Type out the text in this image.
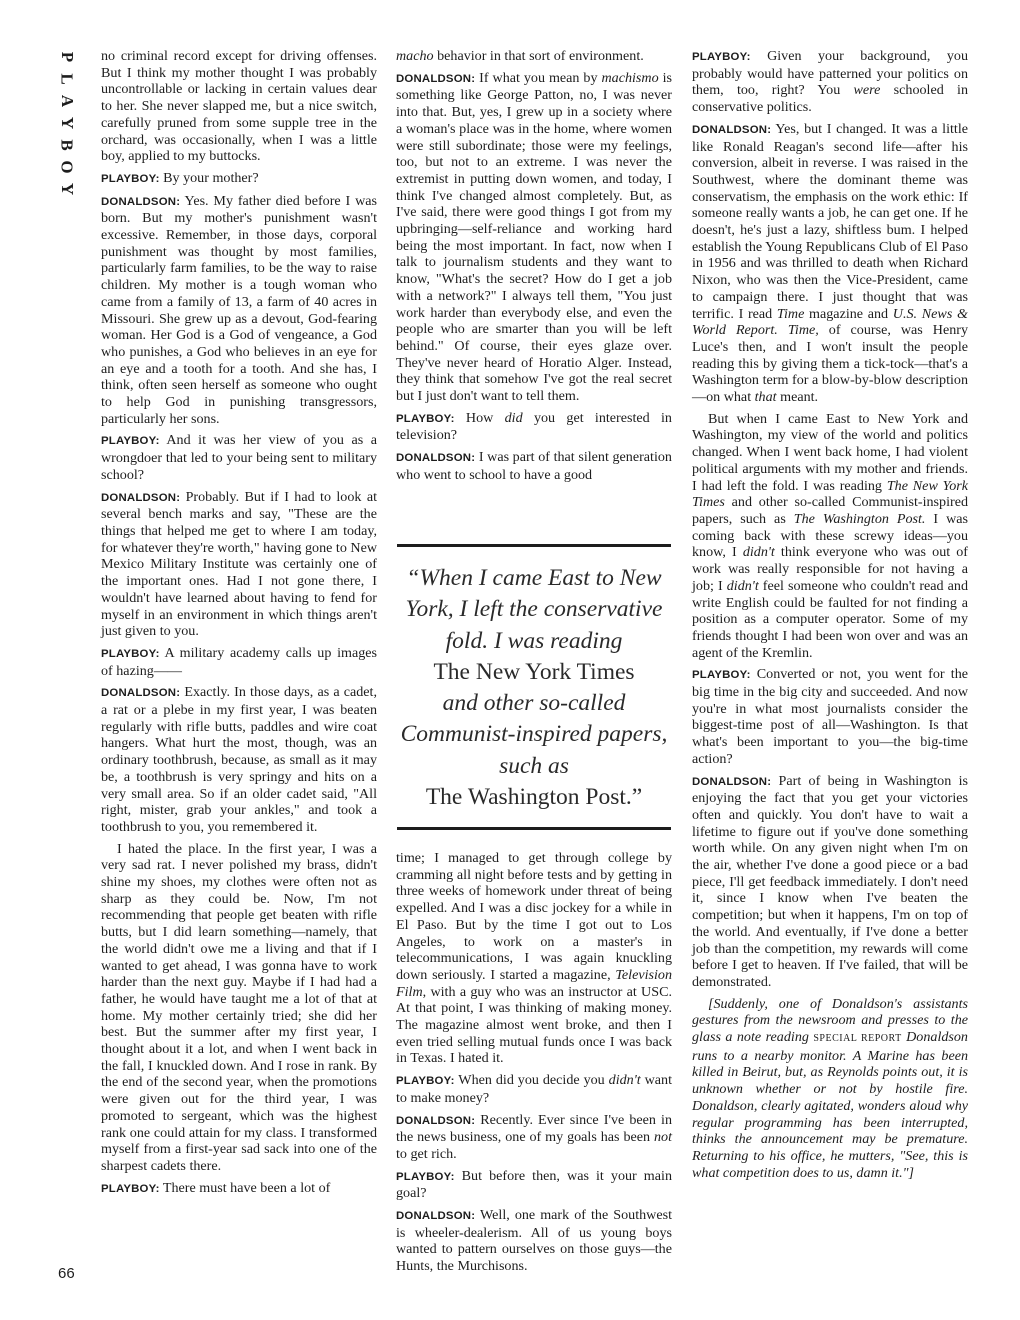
P
L
A
Y
B
O
Y
66

no criminal record except for driving offenses. But I think my mother thought I was probably uncontrollable or lacking in certain values dear to her. She never slapped me, but a nice switch, carefully pruned from some supple tree in the orchard, was occasionally, when I was a little boy, applied to my buttocks.

PLAYBOY: By your mother?

DONALDSON: Yes. My father died before I was born. But my mother's punishment wasn't excessive. Remember, in those days, corporal punishment was thought by most families, particularly farm families, to be the way to raise children. My mother is a tough woman who came from a family of 13, a farm of 40 acres in Missouri. She grew up as a devout, God-fearing woman. Her God is a God of vengeance, a God who punishes, a God who believes in an eye for an eye and a tooth for a tooth. And she has, I think, often seen herself as someone who ought to help God in punishing transgressors, particularly her sons.

PLAYBOY: And it was her view of you as a wrongdoer that led to your being sent to military school?

DONALDSON: Probably. But if I had to look at several bench marks and say, "These are the things that helped me get to where I am today, for whatever they're worth," having gone to New Mexico Military Institute was certainly one of the important ones. Had I not gone there, I wouldn't have learned about having to fend for myself in an environment in which things aren't just given to you.

PLAYBOY: A military academy calls up images of hazing——

DONALDSON: Exactly. In those days, as a cadet, a rat or a plebe in my first year, I was beaten regularly with rifle butts, paddles and wire coat hangers. What hurt the most, though, was an ordinary toothbrush, because, as small as it may be, a toothbrush is very springy and hits on a very small area. So if an older cadet said, "All right, mister, grab your ankles," and took a toothbrush to you, you remembered it.

I hated the place. In the first year, I was a very sad rat. I never polished my brass, didn't shine my shoes, my clothes were often not as sharp as they could be. Now, I'm not recommending that people get beaten with rifle butts, but I did learn something—namely, that the world didn't owe me a living and that if I wanted to get ahead, I was gonna have to work harder than the next guy. Maybe if I had had a father, he would have taught me a lot of that at home. My mother certainly tried; she did her best. But the summer after my first year, I thought about it a lot, and when I went back in the fall, I knuckled down. And I rose in rank. By the end of the second year, when the promotions were given out for the third year, I was promoted to sergeant, which was the highest rank one could attain for my class. I transformed myself from a first-year sad sack into one of the sharpest cadets there.

PLAYBOY: There must have been a lot of

macho behavior in that sort of environment.

DONALDSON: If what you mean by machismo is something like George Patton, no, I was never into that. But, yes, I grew up in a society where a woman's place was in the home, where women were still subordinate; those were my feelings, too, but not to an extreme. I was never the extremist in putting down women, and today, I think I've changed almost completely. But, as I've said, there were good things I got from my upbringing—self-reliance and working hard being the most important. In fact, now when I talk to journalism students and they want to know, "What's the secret? How do I get a job with a network?" I always tell them, "You just work harder than everybody else, and even the people who are smarter than you will be left behind." Of course, their eyes glaze over. They've never heard of Horatio Alger. Instead, they think that somehow I've got the real secret but I just don't want to tell them.

PLAYBOY: How did you get interested in television?

DONALDSON: I was part of that silent generation who went to school to have a good

“When I came East to New York, I left the conservative fold. I was reading
The New York Times
and other so-called Communist-inspired papers, such as
The Washington Post.”

time; I managed to get through college by cramming all night before tests and by getting in three weeks of homework under threat of being expelled. And I was a disc jockey for a while in El Paso. But by the time I got out to Los Angeles, to work on a master's in telecommunications, I was again knuckling down seriously. I started a magazine, Television Film, with a guy who was an instructor at USC. At that point, I was thinking of making money. The magazine almost went broke, and then I even tried selling mutual funds once I was back in Texas. I hated it.

PLAYBOY: When did you decide you didn't want to make money?

DONALDSON: Recently. Ever since I've been in the news business, one of my goals has been not to get rich.

PLAYBOY: But before then, was it your main goal?

DONALDSON: Well, one mark of the Southwest is wheeler-dealerism. All of us young boys wanted to pattern ourselves on those guys—the Hunts, the Murchisons.

PLAYBOY: Given your background, you probably would have patterned your politics on them, too, right? You were schooled in conservative politics.

DONALDSON: Yes, but I changed. It was a little like Ronald Reagan's second life—after his conversion, albeit in reverse. I was raised in the Southwest, where the dominant theme was conservatism, the emphasis on the work ethic: If someone really wants a job, he can get one. If he doesn't, he's just a lazy, shiftless bum. I helped establish the Young Republicans Club of El Paso in 1956 and was thrilled to death when Richard Nixon, who was then the Vice-President, came to campaign there. I just thought that was terrific. I read Time magazine and U.S. News & World Report. Time, of course, was Henry Luce's then, and I won't insult the people reading this by giving them a tick-tock—that's a Washington term for a blow-by-blow description—on what that meant.

But when I came East to New York and Washington, my view of the world and politics changed. When I went back home, I had violent political arguments with my mother and friends. I had left the fold. I was reading The New York Times and other so-called Communist-inspired papers, such as The Washington Post. I was coming back with these screwy ideas—you know, I didn't think everyone who was out of work was really responsible for not having a job; I didn't feel someone who couldn't read and write English could be faulted for not finding a position as a computer operator. Some of my friends thought I had been won over and was an agent of the Kremlin.

PLAYBOY: Converted or not, you went for the big time in the big city and succeeded. And now you're in what most journalists consider the biggest-time post of all—Washington. Is that what's been important to you—the big-time action?

DONALDSON: Part of being in Washington is enjoying the fact that you get your victories often and quickly. You don't have to wait a lifetime to figure out if you've done something worth while. On any given night when I'm on the air, whether I've done a good piece or a bad piece, I'll get feedback immediately. I don't need it, since I know when I've beaten the competition; but when it happens, I'm on top of the world. And eventually, if I've done a better job than the competition, my rewards will come before I get to heaven. If I've failed, that will be demonstrated.

[Suddenly, one of Donaldson's assistants gestures from the newsroom and presses to the glass a note reading SPECIAL REPORT Donaldson runs to a nearby monitor. A Marine has been killed in Beirut, but, as Reynolds points out, it is unknown whether or not by hostile fire. Donaldson, clearly agitated, wonders aloud why regular programming has been interrupted, thinks the announcement may be premature. Returning to his office, he mutters, "See, this is what competition does to us, damn it."]
